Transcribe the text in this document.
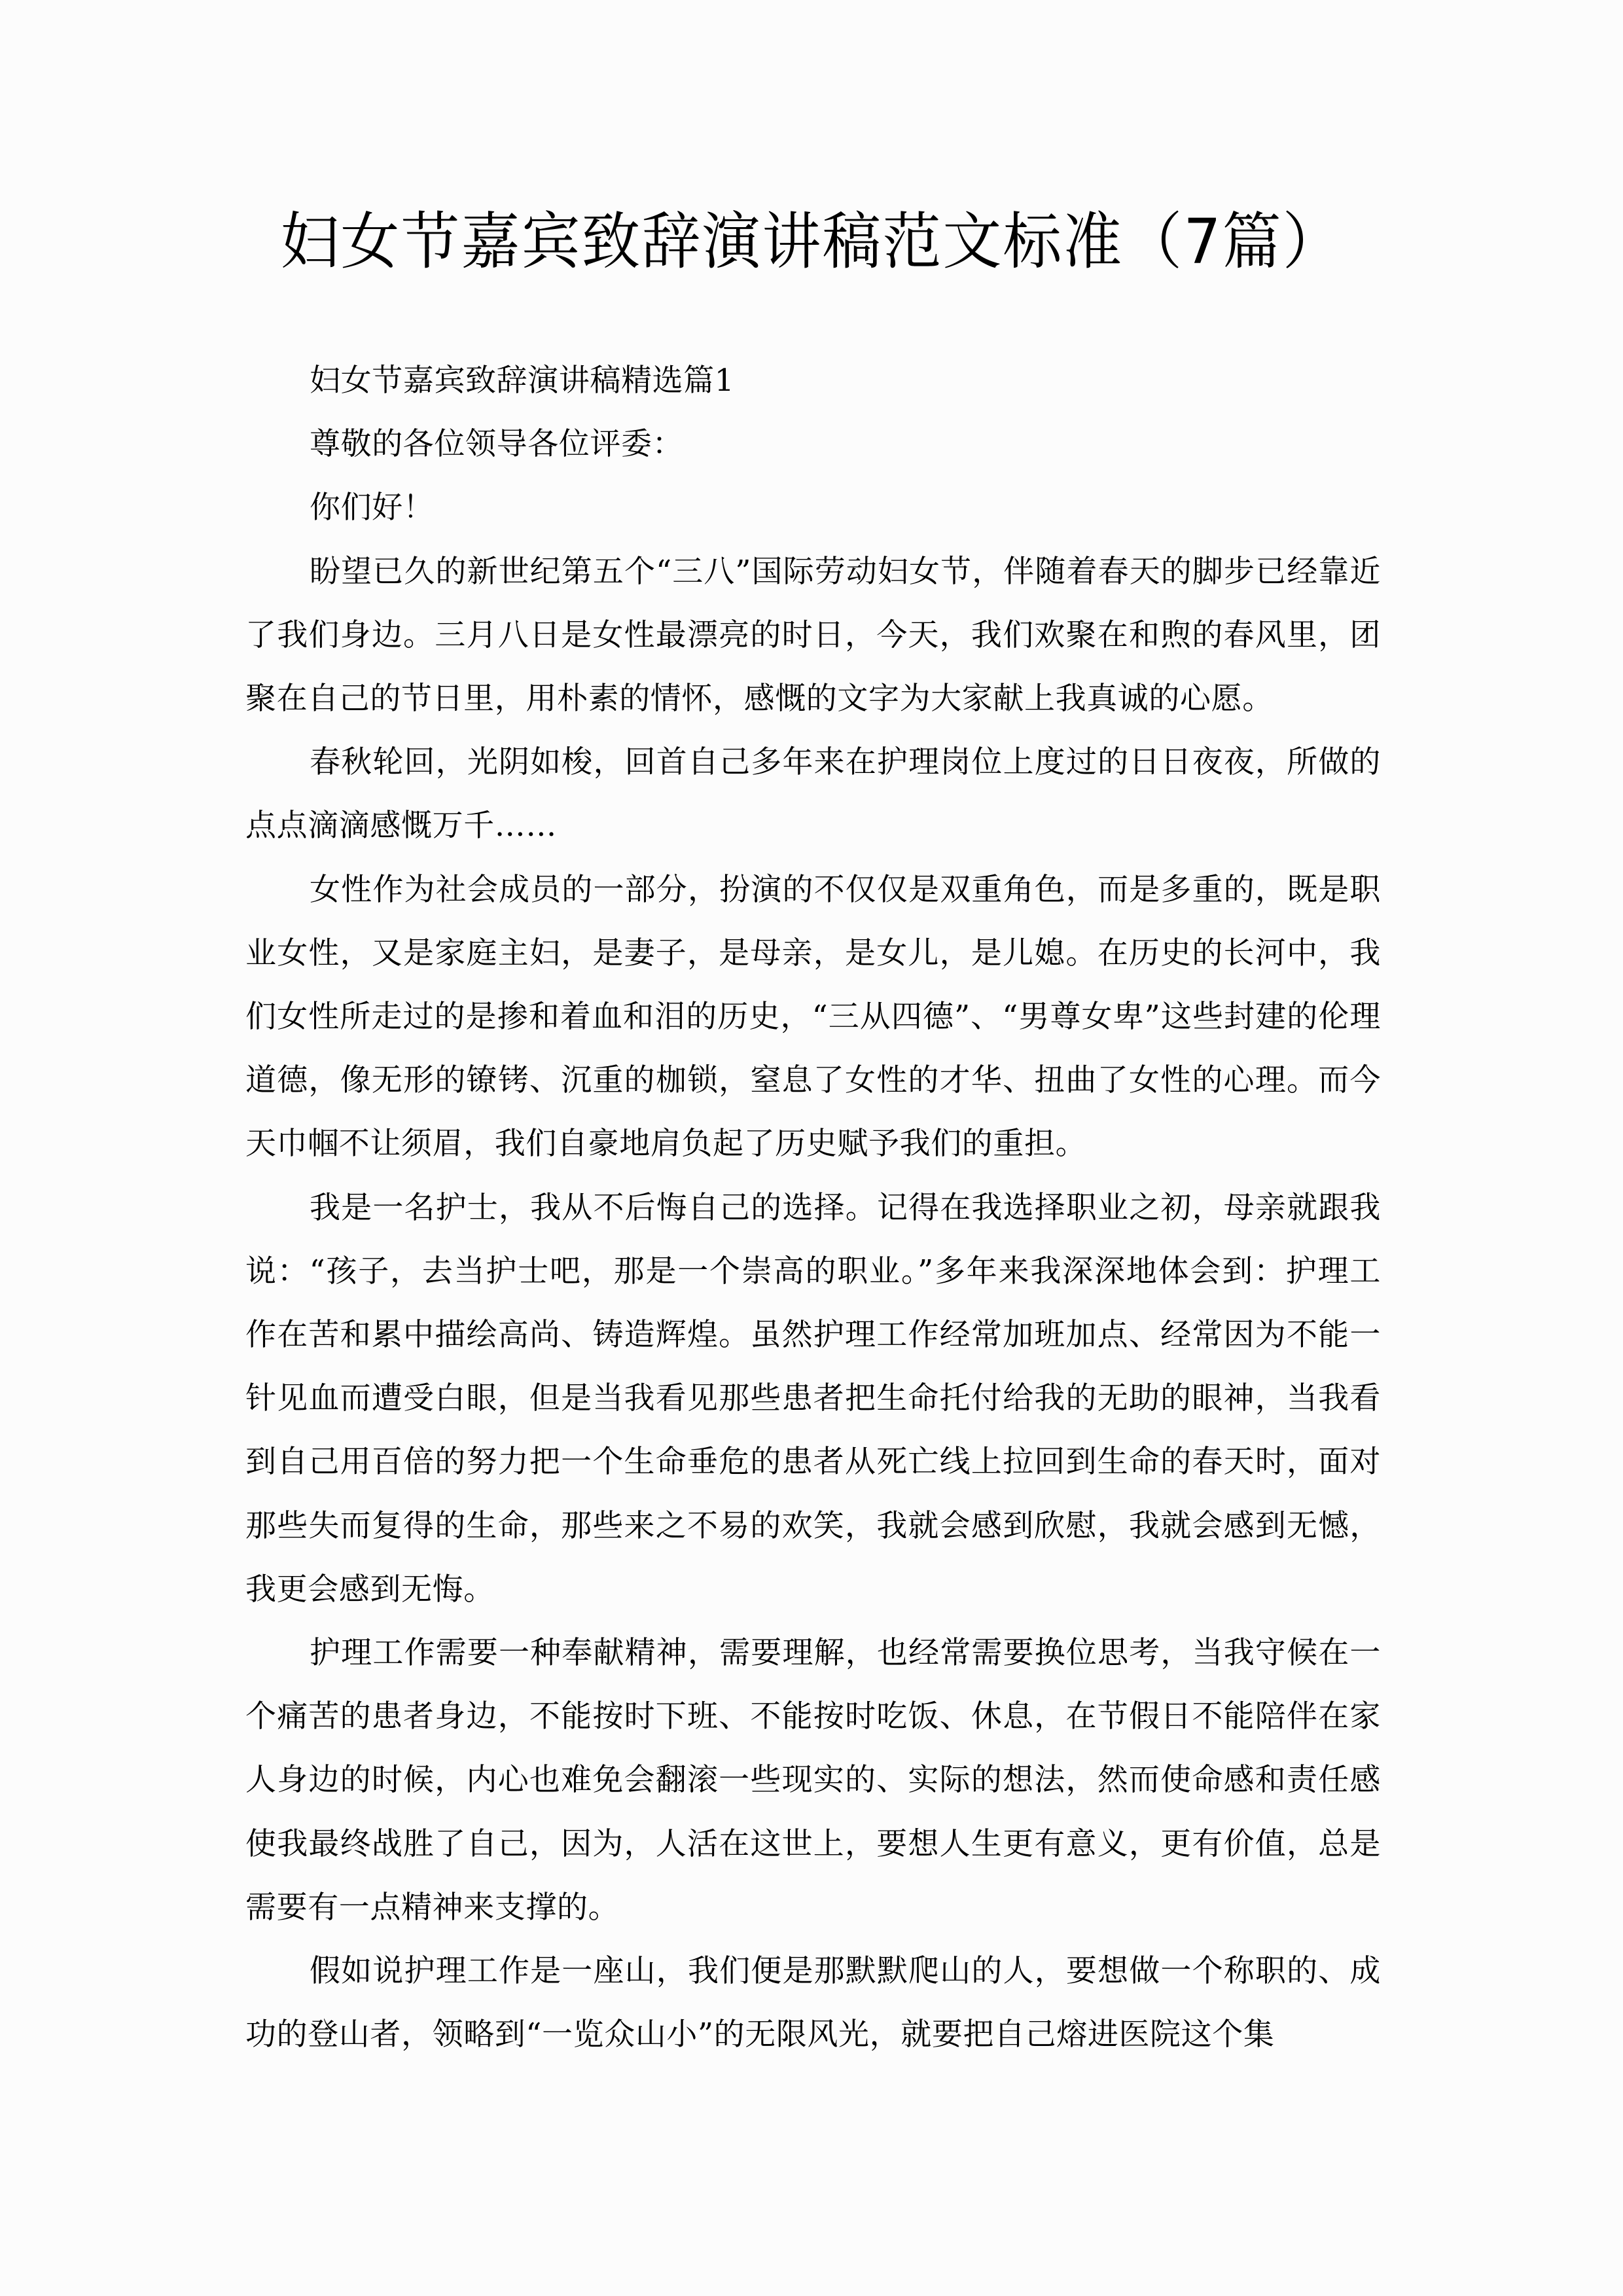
妇女节嘉宾致辞演讲稿范文标准（7篇）

妇女节嘉宾致辞演讲稿精选篇1

尊敬的各位领导各位评委：

你们好！

盼望已久的新世纪第五个“三八”国际劳动妇女节，伴随着春天的脚步已经靠近了我们身边。三月八日是女性最漂亮的时日，今天，我们欢聚在和煦的春风里，团聚在自己的节日里，用朴素的情怀，感慨的文字为大家献上我真诚的心愿。

春秋轮回，光阴如梭，回首自己多年来在护理岗位上度过的日日夜夜，所做的点点滴滴感慨万千……

女性作为社会成员的一部分，扮演的不仅仅是双重角色，而是多重的，既是职业女性，又是家庭主妇，是妻子，是母亲，是女儿，是儿媳。在历史的长河中，我们女性所走过的是掺和着血和泪的历史，“三从四德”、“男尊女卑”这些封建的伦理道德，像无形的镣铐、沉重的枷锁，窒息了女性的才华、扭曲了女性的心理。而今天巾帼不让须眉，我们自豪地肩负起了历史赋予我们的重担。

我是一名护士，我从不后悔自己的选择。记得在我选择职业之初，母亲就跟我说：“孩子，去当护士吧，那是一个崇高的职业。”多年来我深深地体会到：护理工作在苦和累中描绘高尚、铸造辉煌。虽然护理工作经常加班加点、经常因为不能一针见血而遭受白眼，但是当我看见那些患者把生命托付给我的无助的眼神，当我看到自己用百倍的努力把一个生命垂危的患者从死亡线上拉回到生命的春天时，面对那些失而复得的生命，那些来之不易的欢笑，我就会感到欣慰，我就会感到无憾，我更会感到无悔。

护理工作需要一种奉献精神，需要理解，也经常需要换位思考，当我守候在一个痛苦的患者身边，不能按时下班、不能按时吃饭、休息，在节假日不能陪伴在家人身边的时候，内心也难免会翻滚一些现实的、实际的想法，然而使命感和责任感使我最终战胜了自己，因为，人活在这世上，要想人生更有意义，更有价值，总是需要有一点精神来支撑的。

假如说护理工作是一座山，我们便是那默默爬山的人，要想做一个称职的、成功的登山者，领略到“一览众山小”的无限风光，就要把自己熔进医院这个集
